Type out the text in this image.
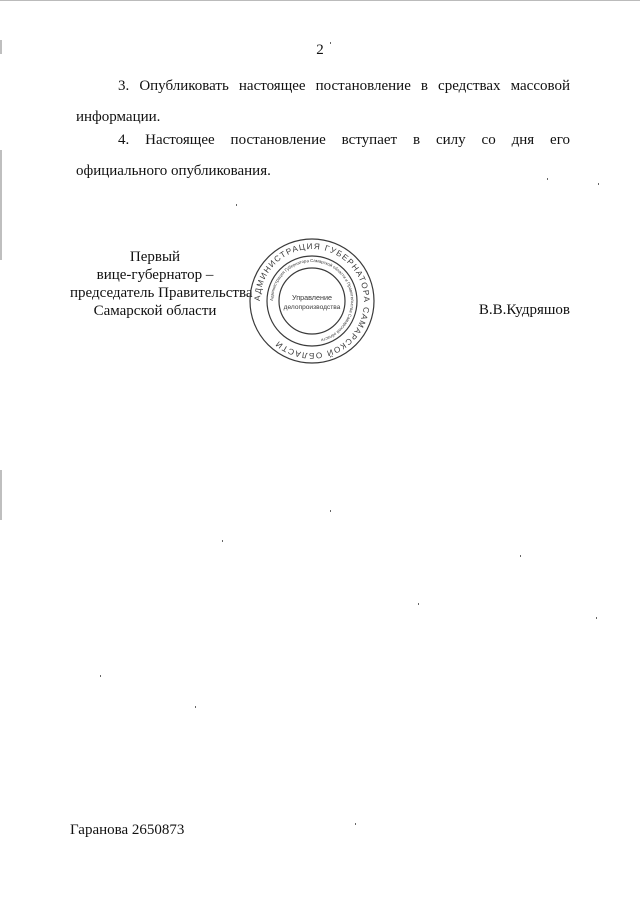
2

3. Опубликовать настоящее постановление в средствах массовой

информации.

4. Настоящее постановление вступает в силу со дня его

официального опубликования.

Первый
вице-губернатор –
председатель Правительства
Самарской области
АДМИНИСТРАЦИЯ ГУБЕРНАТОРА САМАРСКОЙ ОБЛАСТИ
Администрация Губернатора Самарской области и Правительства Самарской области
Управление
делопроизводства	В.В.Кудряшов
Гаранова 2650873
